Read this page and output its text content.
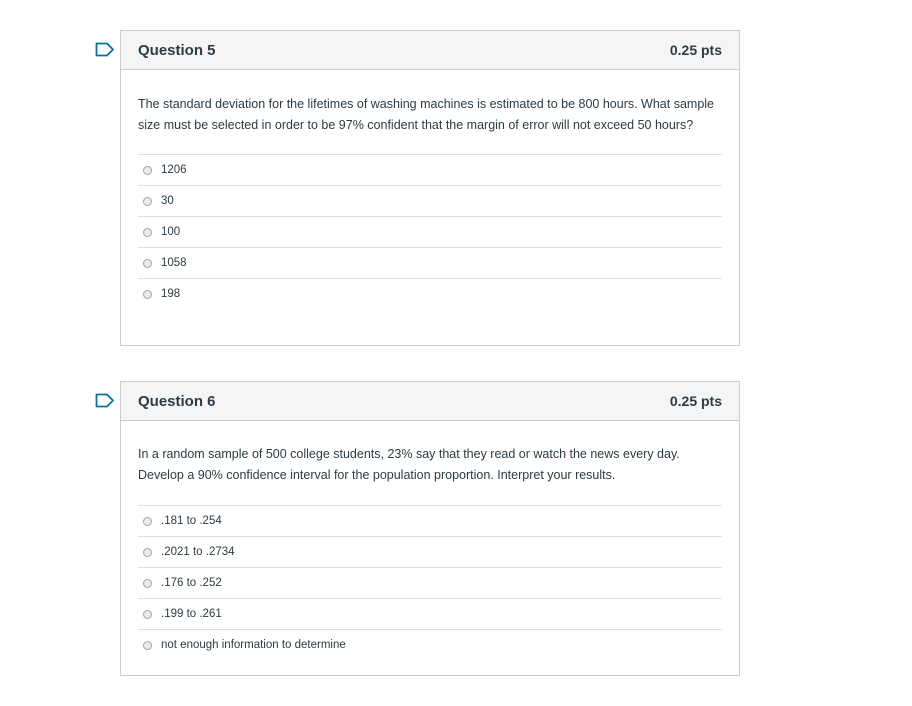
Question 5	0.25 pts

The standard deviation for the lifetimes of washing machines is estimated to be 800 hours. What sample size must be selected in order to be 97% confident that the margin of error will not exceed 50 hours?

1206
30
100
1058
198
Question 6	0.25 pts

In a random sample of 500 college students, 23% say that they read or watch the news every day. Develop a 90% confidence interval for the population proportion. Interpret your results.

.181 to .254
.2021 to .2734
.176 to .252
.199 to .261
not enough information to determine
